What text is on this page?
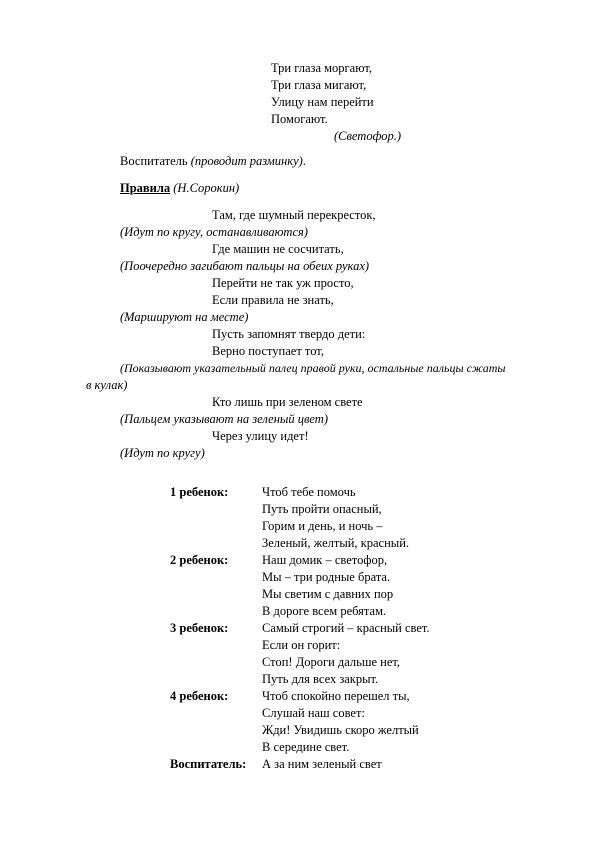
Три глаза моргают,
Три глаза мигают,
Улицу нам перейти
Помогают.
(Светофор.)
Воспитатель (проводит разминку).
Правила (Н.Сорокин)
Там, где шумный перекресток,
(Идут по кругу, останавливаются)
Где машин не сосчитать,
(Поочередно загибают пальцы на обеих руках)
Перейти не так уж просто,
Если правила не знать,
(Маршируют на месте)
Пусть запомнят твердо дети:
Верно поступает тот,
(Показывают указательный палец правой руки, остальные пальцы сжаты
в кулак)
Кто лишь при зеленом свете
(Пальцем указывают на зеленый цвет)
Через улицу идет!
(Идут по кругу)
1 ребенок:	Чтоб тебе помочь
Путь пройти опасный,
Горим и день, и ночь –
Зеленый, желтый, красный.
2 ребенок:	Наш домик – светофор,
Мы – три родные брата.
Мы светим с давних пор
В дороге всем ребятам.
3 ребенок:	Самый строгий – красный свет.
Если он горит:
Стоп! Дороги дальше нет,
Путь для всех закрыт.
4 ребенок:	Чтоб спокойно перешел ты,
Слушай наш совет:
Жди! Увидишь скоро желтый
В середине свет.
Воспитатель: А за ним зеленый свет
